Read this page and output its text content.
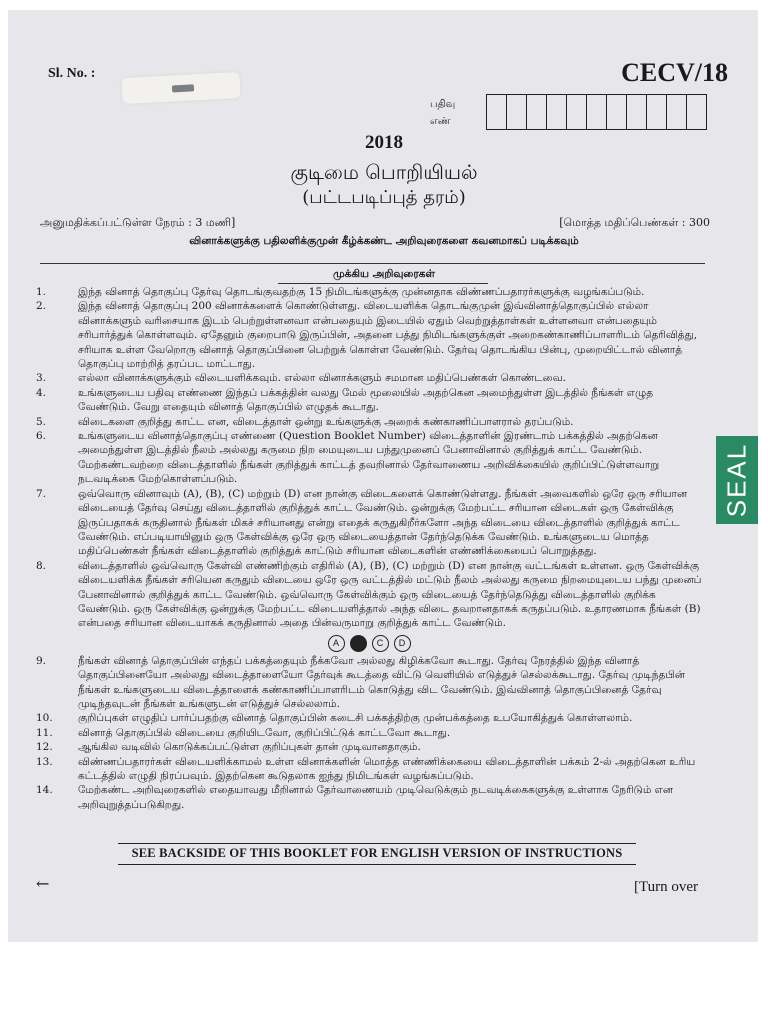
Sl. No. :	CECV/18
பதிவு
எண்
2018
குடிமை பொறியியல்
(பட்டபடிப்புத் தரம்)
அனுமதிக்கப்பட்டுள்ள நேரம் : 3 மணி]	[மொத்த மதிப்பெண்கள் : 300
வினாக்களுக்கு பதிலளிக்குமுன் கீழ்க்கண்ட அறிவுரைகளை கவனமாகப் படிக்கவும்
முக்கிய அறிவுரைகள்
1.	இந்த வினாத் தொகுப்பு தேர்வு தொடங்குவதற்கு 15 நிமிடங்களுக்கு முன்னதாக விண்ணப்பதாரர்களுக்கு வழங்கப்படும்.
2.	இந்த வினாத் தொகுப்பு 200 வினாக்களைக் கொண்டுள்ளது. விடையளிக்க தொடங்குமுன் இவ்வினாத்தொகுப்பில் எல்லா வினாக்களும் வரிசையாக இடம் பெற்றுள்ளனவா என்பதையும் இடையில் ஏதும் வெற்றுத்தாள்கள் உள்ளனவா என்பதையும் சரிபார்த்துக் கொள்ளவும். ஏதேனும் குறைபாடு இருப்பின், அதனை பத்து நிமிடங்களுக்குள் அறைகண்காணிப்பாளரிடம் தெரிவித்து, சரியாக உள்ள வேறொரு வினாத் தொகுப்பினை பெற்றுக் கொள்ள வேண்டும். தேர்வு தொடங்கிய பின்பு, முறையிட்டால் வினாத் தொகுப்பு மாற்றித் தரப்பட மாட்டாது.
3.	எல்லா வினாக்களுக்கும் விடையளிக்கவும். எல்லா வினாக்களும் சமமான மதிப்பெண்கள் கொண்டவை.
4.	உங்களுடைய பதிவு எண்ணை இந்தப் பக்கத்தின் வலது மேல் மூலையில் அதற்கென அமைந்துள்ள இடத்தில் நீங்கள் எழுத வேண்டும். வேறு எதையும் வினாத் தொகுப்பில் எழுதக் கூடாது.
5.	விடைகளை குறித்து காட்ட என, விடைத்தாள் ஒன்று உங்களுக்கு அறைக் கண்காணிப்பாளரால் தரப்படும்.
6.	உங்களுடைய வினாத்தொகுப்பு எண்ணை (Question Booklet Number) விடைத்தாளின் இரண்டாம் பக்கத்தில் அதற்கென அமைந்துள்ள இடத்தில் நீலம் அல்லது கருமை நிற மையுடைய பந்துமுனைப் பேனாவினால் குறித்துக் காட்ட வேண்டும். மேற்கண்டவற்றை விடைத்தாளில் நீங்கள் குறித்துக் காட்டத் தவறினால் தேர்வாணைய அறிவிக்கையில் குறிப்பிட்டுள்ளவாறு நடவடிக்கை மேற்கொள்ளப்படும்.
7.	ஒவ்வொரு வினாவும் (A), (B), (C) மற்றும் (D) என நான்கு விடைகளைக் கொண்டுள்ளது. நீங்கள் அவைகளில் ஒரே ஒரு சரியான விடையைத் தேர்வு செய்து விடைத்தாளில் குறித்துக் காட்ட வேண்டும். ஒன்றுக்கு மேற்பட்ட சரியான விடைகள் ஒரு கேள்விக்கு இருப்பதாகக் கருதினால் நீங்கள் மிகச் சரியானது என்று எதைக் கருதுகிறீர்களோ அந்த விடையை விடைத்தாளில் குறித்துக் காட்ட வேண்டும். எப்படியாயினும் ஒரு கேள்விக்கு ஒரே ஒரு விடையைத்தான் தேர்ந்தெடுக்க வேண்டும். உங்களுடைய மொத்த மதிப்பெண்கள் நீங்கள் விடைத்தாளில் குறித்துக் காட்டும் சரியான விடைகளின் எண்ணிக்கையைப் பொறுத்தது.
8.	விடைத்தாளில் ஒவ்வொரு கேள்வி எண்ணிற்கும் எதிரில் (A), (B), (C) மற்றும் (D) என நான்கு வட்டங்கள் உள்ளன. ஒரு கேள்விக்கு விடையளிக்க நீங்கள் சரியென கருதும் விடையை ஒரே ஒரு வட்டத்தில் மட்டும் நீலம் அல்லது கருமை நிறமையுடைய பந்து முனைப் பேனாவினால் குறித்துக் காட்ட வேண்டும். ஒவ்வொரு கேள்விக்கும் ஒரு விடையைத் தேர்ந்தெடுத்து விடைத்தாளில் குறிக்க வேண்டும். ஒரு கேள்விக்கு ஒன்றுக்கு மேற்பட்ட விடையளித்தால் அந்த விடை தவறானதாகக் கருதப்படும். உதாரணமாக நீங்கள் (B) என்பதை சரியான விடையாகக் கருதினால் அதை பின்வருமாறு குறித்துக் காட்ட வேண்டும்.
A	C	D
9.	நீங்கள் வினாத் தொகுப்பின் எந்தப் பக்கத்தையும் நீக்கவோ அல்லது கிழிக்கவோ கூடாது. தேர்வு நேரத்தில் இந்த வினாத் தொகுப்பினையோ அல்லது விடைத்தாளையோ தேர்வுக் கூடத்தை விட்டு வெளியில் எடுத்துச் செல்லக்கூடாது. தேர்வு முடிந்தபின் நீங்கள் உங்களுடைய விடைத்தாளைக் கண்காணிப்பாளரிடம் கொடுத்து விட வேண்டும். இவ்வினாத் தொகுப்பினைத் தேர்வு முடிந்தவுடன் நீங்கள் உங்களுடன் எடுத்துச் செல்லலாம்.
10.	குறிப்புகள் எழுதிப் பார்ப்பதற்கு வினாத் தொகுப்பின் கடைசி பக்கத்திற்கு முன்பக்கத்தை உபயோகித்துக் கொள்ளலாம்.
11.	வினாத் தொகுப்பில் விடையை குறியிடவோ, குறிப்பிட்டுக் காட்டவோ கூடாது.
12.	ஆங்கில வடிவில் கொடுக்கப்பட்டுள்ள குறிப்புகள் தான் முடிவானதாகும்.
13.	விண்ணப்பதாரர்கள் விடையளிக்காமல் உள்ள வினாக்களின் மொத்த எண்ணிக்கையை விடைத்தாளின் பக்கம் 2-ல் அதற்கென உரிய கட்டத்தில் எழுதி நிரப்பவும். இதற்கென கூடுதலாக ஐந்து நிமிடங்கள் வழங்கப்படும்.
14.	மேற்கண்ட அறிவுரைகளில் எதையாவது மீறினால் தேர்வாணையம் முடிவெடுக்கும் நடவடிக்கைகளுக்கு உள்ளாக நேரிடும் என அறிவுறுத்தப்படுகிறது.
SEE BACKSIDE OF THIS BOOKLET FOR ENGLISH VERSION OF INSTRUCTIONS
←	[Turn over
SEAL
